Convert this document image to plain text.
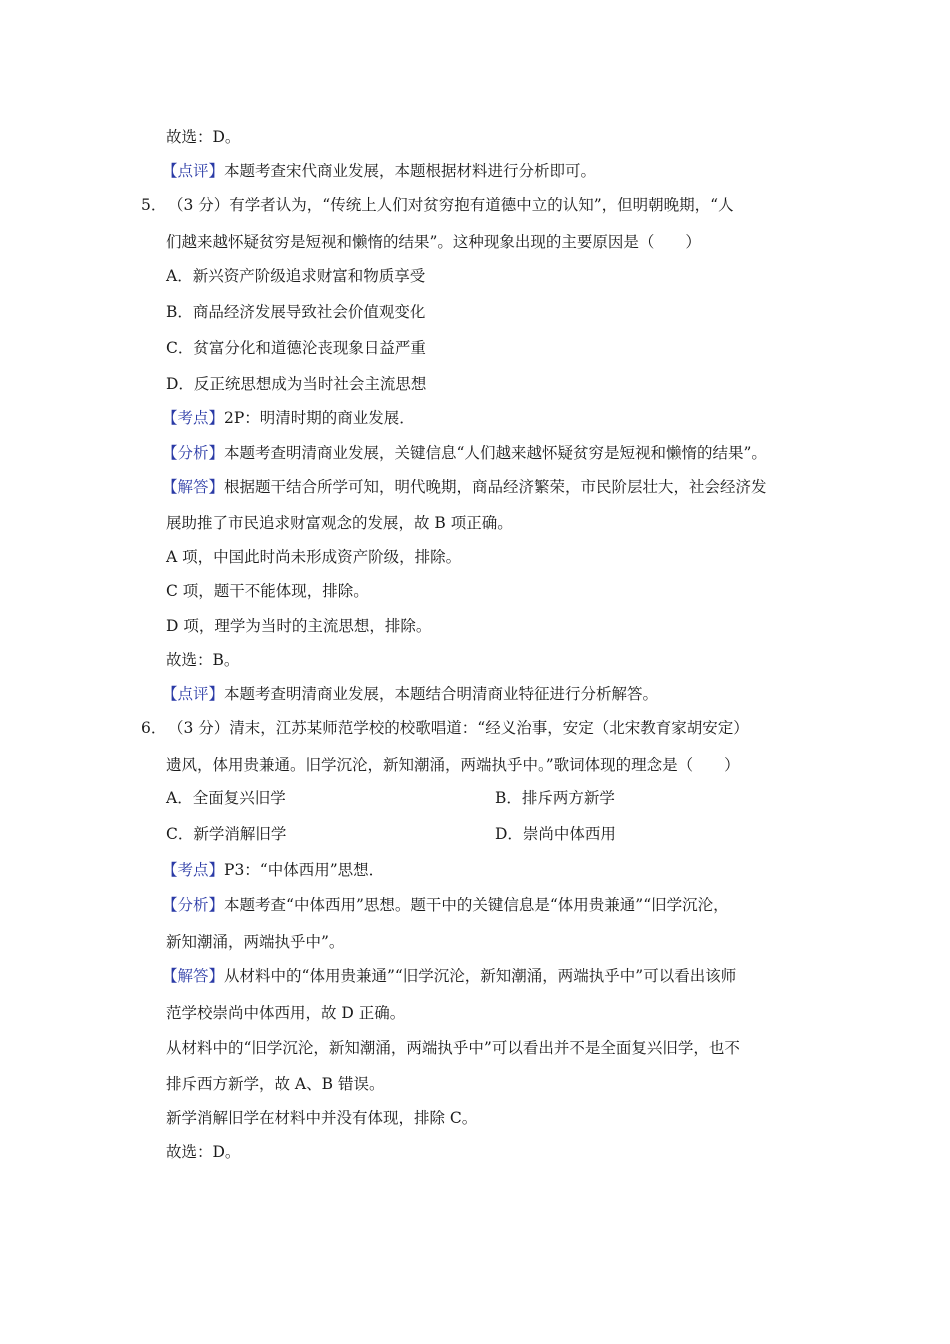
故选：D。
【点评】本题考查宋代商业发展，本题根据材料进行分析即可。
5． （3 分）有学者认为，“传统上人们对贫穷抱有道德中立的认知”，但明朝晚期，“人
们越来越怀疑贫穷是短视和懒惰的结果”。这种现象出现的主要原因是（　　）
A．新兴资产阶级追求财富和物质享受
B．商品经济发展导致社会价值观变化
C．贫富分化和道德沦丧现象日益严重
D．反正统思想成为当时社会主流思想
【考点】2P：明清时期的商业发展．
【分析】本题考查明清商业发展，关键信息“人们越来越怀疑贫穷是短视和懒惰的结果”。
【解答】根据题干结合所学可知，明代晚期，商品经济繁荣，市民阶层壮大，社会经济发
展助推了市民追求财富观念的发展，故 B 项正确。
A 项，中国此时尚未形成资产阶级，排除。
C 项，题干不能体现，排除。
D 项，理学为当时的主流思想，排除。
故选：B。
【点评】本题考查明清商业发展，本题结合明清商业特征进行分析解答。
6． （3 分）清末，江苏某师范学校的校歌唱道：“经义治事，安定（北宋教育家胡安定）
遗风，体用贵兼通。旧学沉沦，新知潮涌，两端执乎中。”歌词体现的理念是（　　）
A．全面复兴旧学	B．排斥两方新学
C．新学消解旧学	D．崇尚中体西用
【考点】P3：“中体西用”思想．
【分析】本题考查“中体西用”思想。题干中的关键信息是“体用贵兼通”“旧学沉沦，
新知潮涌，两端执乎中”。
【解答】从材料中的“体用贵兼通”“旧学沉沦，新知潮涌，两端执乎中”可以看出该师
范学校崇尚中体西用，故 D 正确。
从材料中的“旧学沉沦，新知潮涌，两端执乎中”可以看出并不是全面复兴旧学，也不
排斥西方新学，故 A、B 错误。
新学消解旧学在材料中并没有体现，排除 C。
故选：D。
